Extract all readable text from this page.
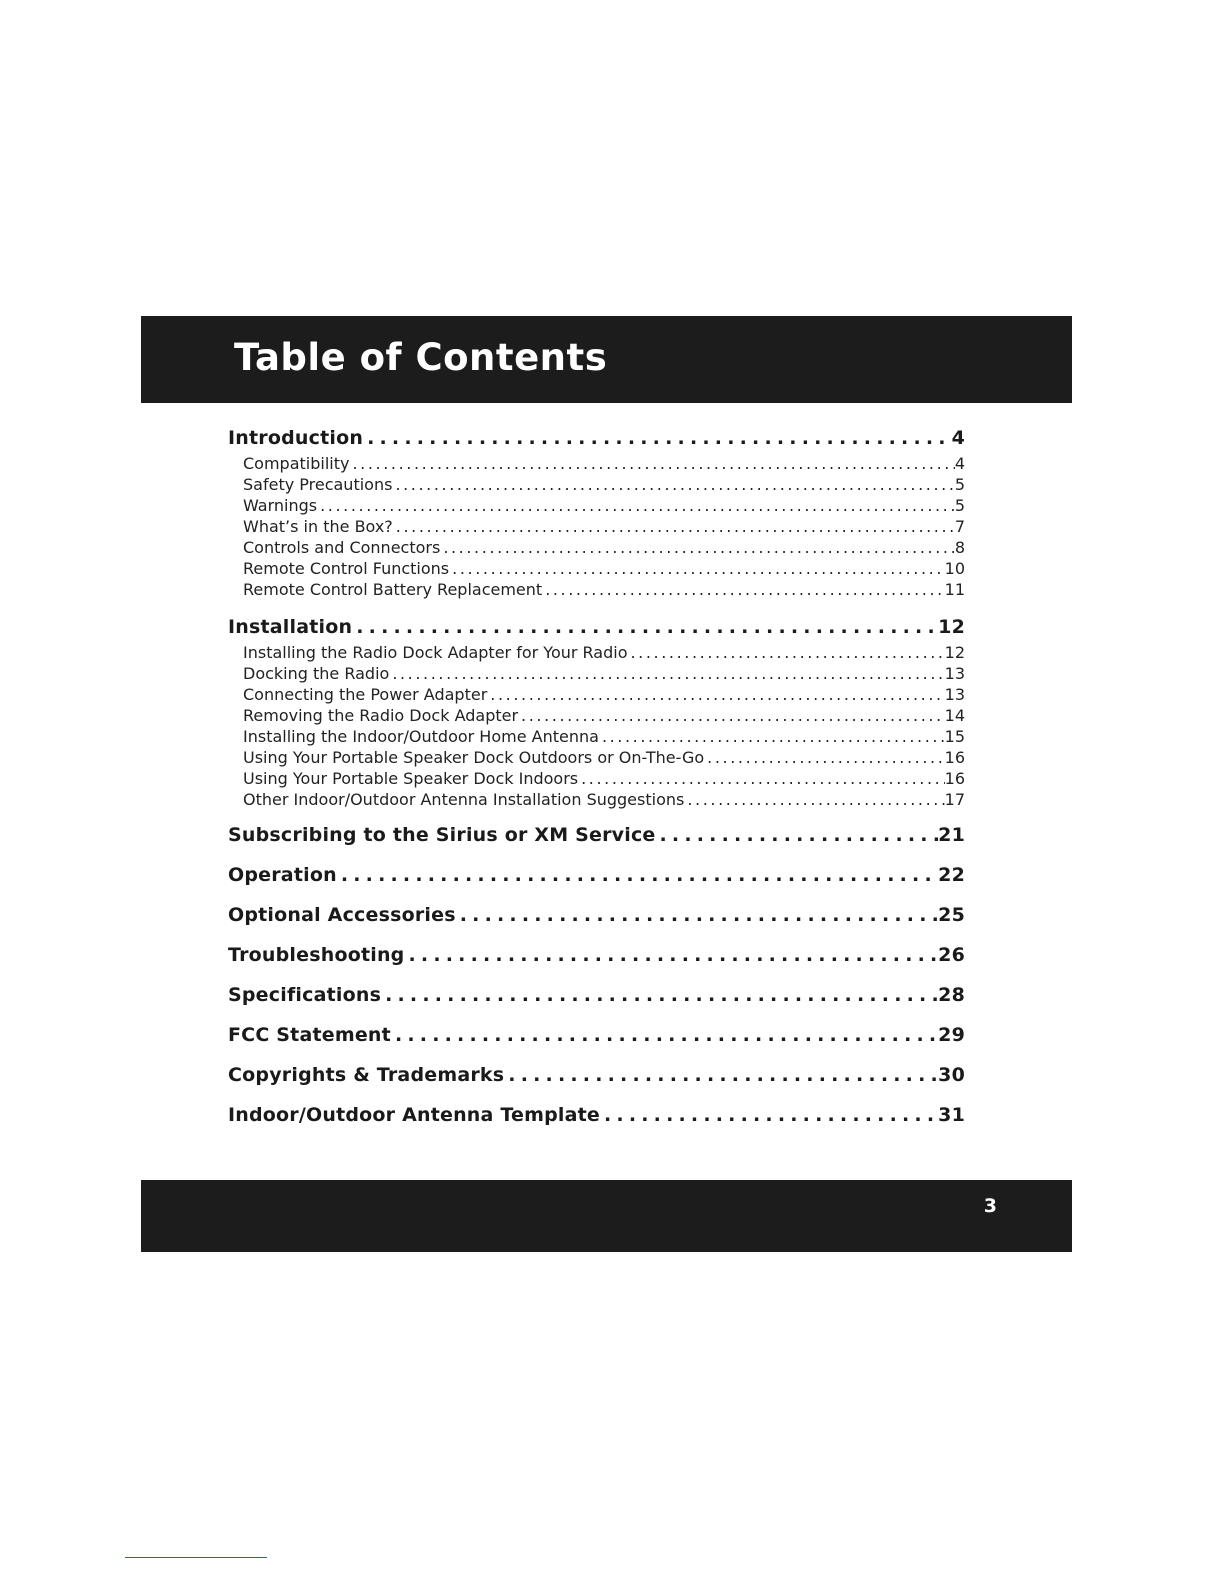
Table of Contents
Introduction .....	4
Compatibility .....	4
Safety Precautions .....	5
Warnings .....	5
What’s in the Box? .....	7
Controls and Connectors .....	8
Remote Control Functions .....	10
Remote Control Battery Replacement .....	11
Installation .....	12
Installing the Radio Dock Adapter for Your Radio .....	12
Docking the Radio .....	13
Connecting the Power Adapter .....	13
Removing the Radio Dock Adapter .....	14
Installing the Indoor/Outdoor Home Antenna .....	15
Using Your Portable Speaker Dock Outdoors or On-The-Go .....	16
Using Your Portable Speaker Dock Indoors .....	16
Other Indoor/Outdoor Antenna Installation Suggestions .....	17
Subscribing to the Sirius or XM Service .....	21
Operation .....	22
Optional Accessories .....	25
Troubleshooting .....	26
Specifications .....	28
FCC Statement .....	29
Copyrights & Trademarks .....	30
Indoor/Outdoor Antenna Template .....	31
3
